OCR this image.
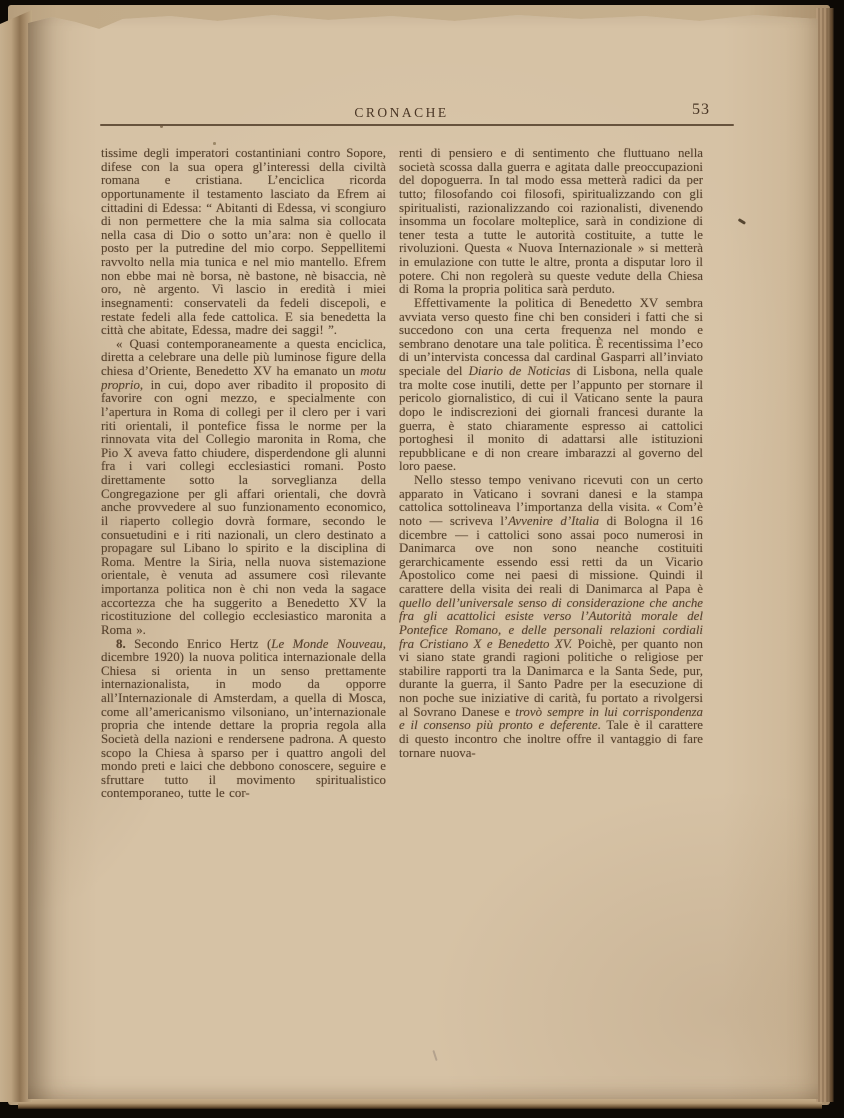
CRONACHE	53

tissime degli imperatori costantiniani contro Sopore, difese con la sua opera gl’interessi della civiltà romana e cristiana. L’enciclica ricorda opportunamente il testamento lasciato da Efrem ai cittadini di Edessa: “ Abitanti di Edessa, vi scongiuro di non permettere che la mia salma sia collocata nella casa di Dio o sotto un’ara: non è quello il posto per la putredine del mio corpo. Seppellitemi ravvolto nella mia tunica e nel mio mantello. Efrem non ebbe mai nè borsa, nè bastone, nè bisaccia, nè oro, nè argento. Vi lascio in eredità i miei insegnamenti: conservateli da fedeli discepoli, e restate fedeli alla fede cattolica. E sia benedetta la città che abitate, Edessa, madre dei saggi! ”.

« Quasi contemporaneamente a questa enciclica, diretta a celebrare una delle più luminose figure della chiesa d’Oriente, Benedetto XV ha emanato un motu proprio, in cui, dopo aver ribadito il proposito di favorire con ogni mezzo, e specialmente con l’apertura in Roma di collegi per il clero per i vari riti orientali, il pontefice fissa le norme per la rinnovata vita del Collegio maronita in Roma, che Pio X aveva fatto chiudere, disperdendone gli alunni fra i vari collegi ecclesiastici romani. Posto direttamente sotto la sorveglianza della Congregazione per gli affari orientali, che dovrà anche provvedere al suo funzionamento economico, il riaperto collegio dovrà formare, secondo le consuetudini e i riti nazionali, un clero destinato a propagare sul Libano lo spirito e la disciplina di Roma. Mentre la Siria, nella nuova sistemazione orientale, è venuta ad assumere così rilevante importanza politica non è chi non veda la sagace accortezza che ha suggerito a Benedetto XV la ricostituzione del collegio ecclesiastico maronita a Roma ».

8. Secondo Enrico Hertz (Le Monde Nouveau, dicembre 1920) la nuova politica internazionale della Chiesa si orienta in un senso prettamente internazionalista, in modo da opporre all’Internazionale di Amsterdam, a quella di Mosca, come all’americanismo vilsoniano, un’internazionale propria che intende dettare la propria regola alla Società della nazioni e rendersene padrona. A questo scopo la Chiesa à sparso per i quattro angoli del mondo preti e laici che debbono conoscere, seguire e sfruttare tutto il movimento spiritualistico contemporaneo, tutte le cor-

renti di pensiero e di sentimento che fluttuano nella società scossa dalla guerra e agitata dalle preoccupazioni del dopoguerra. In tal modo essa metterà radici da per tutto; filosofando coi filosofi, spiritualizzando con gli spiritualisti, razionalizzando coi razionalisti, divenendo insomma un focolare molteplice, sarà in condizione di tener testa a tutte le autorità costituite, a tutte le rivoluzioni. Questa « Nuova Internazionale » si metterà in emulazione con tutte le altre, pronta a disputar loro il potere. Chi non regolerà su queste vedute della Chiesa di Roma la propria politica sarà perduto.

Effettivamente la politica di Benedetto XV sembra avviata verso questo fine chi ben consideri i fatti che si succedono con una certa frequenza nel mondo e sembrano denotare una tale politica. È recentissima l’eco di un’intervista concessa dal cardinal Gasparri all’inviato speciale del Diario de Noticias di Lisbona, nella quale tra molte cose inutili, dette per l’appunto per stornare il pericolo giornalistico, di cui il Vaticano sente la paura dopo le indiscrezioni dei giornali francesi durante la guerra, è stato chiaramente espresso ai cattolici portoghesi il monito di adattarsi alle istituzioni repubblicane e di non creare imbarazzi al governo del loro paese.

Nello stesso tempo venivano ricevuti con un certo apparato in Vaticano i sovrani danesi e la stampa cattolica sottolineava l’importanza della visita. « Com’è noto — scriveva l’Avvenire d’Italia di Bologna il 16 dicembre — i cattolici sono assai poco numerosi in Danimarca ove non sono neanche costituiti gerarchicamente essendo essi retti da un Vicario Apostolico come nei paesi di missione. Quindi il carattere della visita dei reali di Danimarca al Papa è quello dell’universale senso di considerazione che anche fra gli acattolici esiste verso l’Autorità morale del Pontefice Romano, e delle personali relazioni cordiali fra Cristiano X e Benedetto XV. Poichè, per quanto non vi siano state grandi ragioni politiche o religiose per stabilire rapporti tra la Danimarca e la Santa Sede, pur, durante la guerra, il Santo Padre per la esecuzione di non poche sue iniziative di carità, fu portato a rivolgersi al Sovrano Danese e trovò sempre in lui corrispondenza e il consenso più pronto e deferente. Tale è il carattere di questo incontro che inoltre offre il vantaggio di fare tornare nuova-
